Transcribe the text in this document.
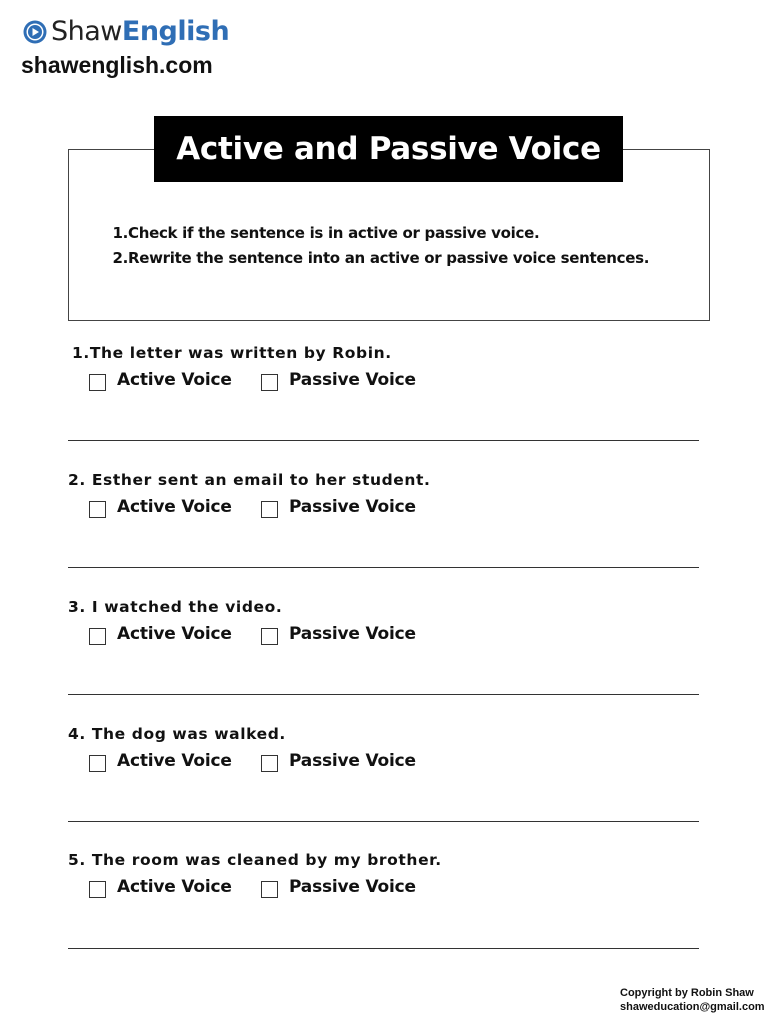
ShawEnglish
shawenglish.com
Active and Passive Voice
1. Check if the sentence is in active or passive voice.
2. Rewrite the sentence into an active or passive voice sentences.
1.The letter was written by Robin.
Active Voice	Passive Voice
2. Esther sent an email to her student.
Active Voice	Passive Voice
3. I watched the video.
Active Voice	Passive Voice
4. The dog was walked.
Active Voice	Passive Voice
5. The room was cleaned by my brother.
Active Voice	Passive Voice
Copyright by Robin Shaw
shaweducation@gmail.com
